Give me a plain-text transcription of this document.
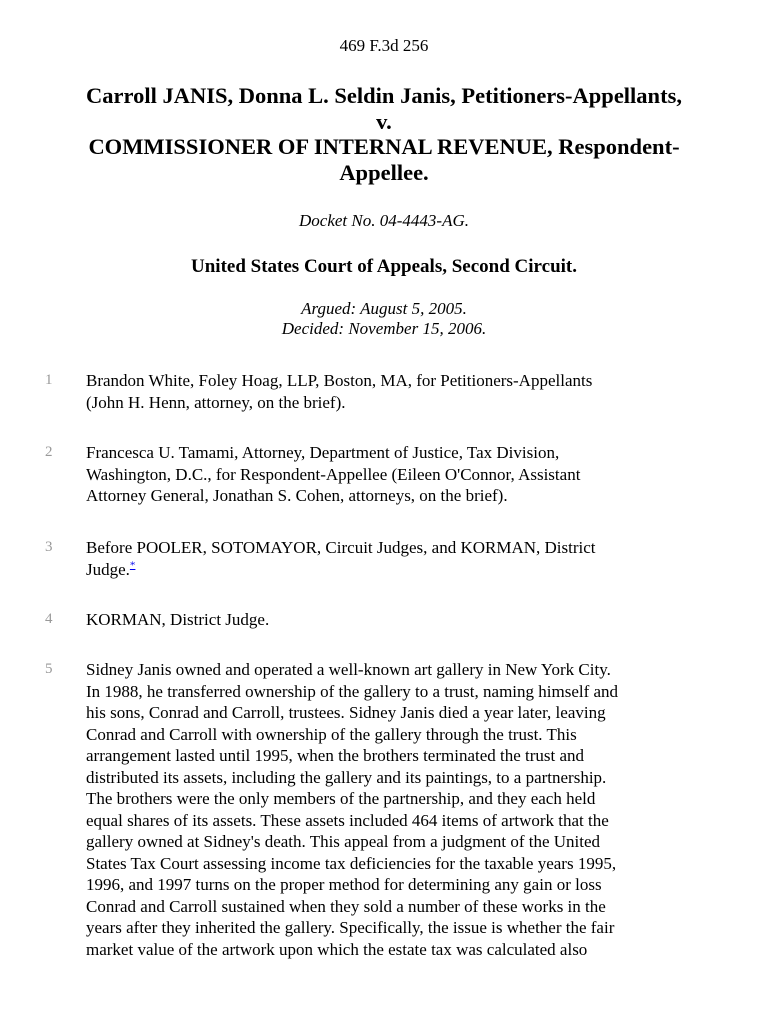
469 F.3d 256
Carroll JANIS, Donna L. Seldin Janis, Petitioners-Appellants,
v.
COMMISSIONER OF INTERNAL REVENUE, Respondent-
Appellee.
Docket No. 04-4443-AG.
United States Court of Appeals, Second Circuit.
Argued: August 5, 2005.
Decided: November 15, 2006.
1 Brandon White, Foley Hoag, LLP, Boston, MA, for Petitioners-Appellants
(John H. Henn, attorney, on the brief).
2 Francesca U. Tamami, Attorney, Department of Justice, Tax Division,
Washington, D.C., for Respondent-Appellee (Eileen O'Connor, Assistant
Attorney General, Jonathan S. Cohen, attorneys, on the brief).
3 Before POOLER, SOTOMAYOR, Circuit Judges, and KORMAN, District
Judge.*
4 KORMAN, District Judge.
5 Sidney Janis owned and operated a well-known art gallery in New York City.
In 1988, he transferred ownership of the gallery to a trust, naming himself and
his sons, Conrad and Carroll, trustees. Sidney Janis died a year later, leaving
Conrad and Carroll with ownership of the gallery through the trust. This
arrangement lasted until 1995, when the brothers terminated the trust and
distributed its assets, including the gallery and its paintings, to a partnership.
The brothers were the only members of the partnership, and they each held
equal shares of its assets. These assets included 464 items of artwork that the
gallery owned at Sidney's death. This appeal from a judgment of the United
States Tax Court assessing income tax deficiencies for the taxable years 1995,
1996, and 1997 turns on the proper method for determining any gain or loss
Conrad and Carroll sustained when they sold a number of these works in the
years after they inherited the gallery. Specifically, the issue is whether the fair
market value of the artwork upon which the estate tax was calculated also
